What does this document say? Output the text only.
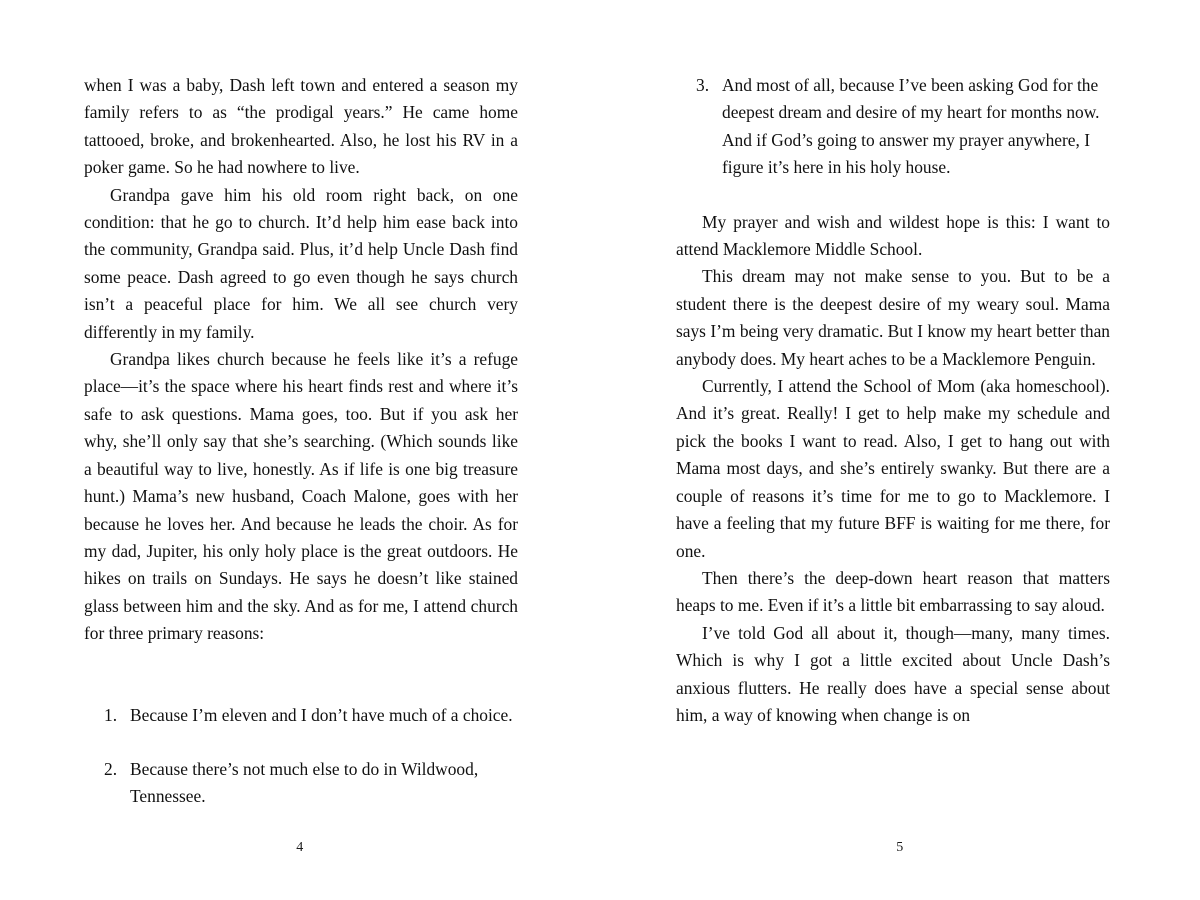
when I was a baby, Dash left town and entered a season my family refers to as “the prodigal years.” He came home tattooed, broke, and brokenhearted. Also, he lost his RV in a poker game. So he had nowhere to live.

Grandpa gave him his old room right back, on one condition: that he go to church. It’d help him ease back into the community, Grandpa said. Plus, it’d help Uncle Dash find some peace. Dash agreed to go even though he says church isn’t a peaceful place for him. We all see church very differently in my family.

Grandpa likes church because he feels like it’s a refuge place—it’s the space where his heart finds rest and where it’s safe to ask questions. Mama goes, too. But if you ask her why, she’ll only say that she’s searching. (Which sounds like a beautiful way to live, honestly. As if life is one big treasure hunt.) Mama’s new husband, Coach Malone, goes with her because he loves her. And because he leads the choir. As for my dad, Jupiter, his only holy place is the great outdoors. He hikes on trails on Sundays. He says he doesn’t like stained glass between him and the sky. And as for me, I attend church for three primary reasons:

1. Because I’m eleven and I don’t have much of a choice.
2. Because there’s not much else to do in Wildwood, Tennessee.
4
3. And most of all, because I’ve been asking God for the deepest dream and desire of my heart for months now. And if God’s going to answer my prayer anywhere, I figure it’s here in his holy house.

My prayer and wish and wildest hope is this: I want to attend Macklemore Middle School.

This dream may not make sense to you. But to be a student there is the deepest desire of my weary soul. Mama says I’m being very dramatic. But I know my heart better than anybody does. My heart aches to be a Macklemore Penguin.

Currently, I attend the School of Mom (aka homeschool). And it’s great. Really! I get to help make my schedule and pick the books I want to read. Also, I get to hang out with Mama most days, and she’s entirely swanky. But there are a couple of reasons it’s time for me to go to Macklemore. I have a feeling that my future BFF is waiting for me there, for one.

Then there’s the deep-down heart reason that matters heaps to me. Even if it’s a little bit embarrassing to say aloud.

I’ve told God all about it, though—many, many times. Which is why I got a little excited about Uncle Dash’s anxious flutters. He really does have a special sense about him, a way of knowing when change is on

5
